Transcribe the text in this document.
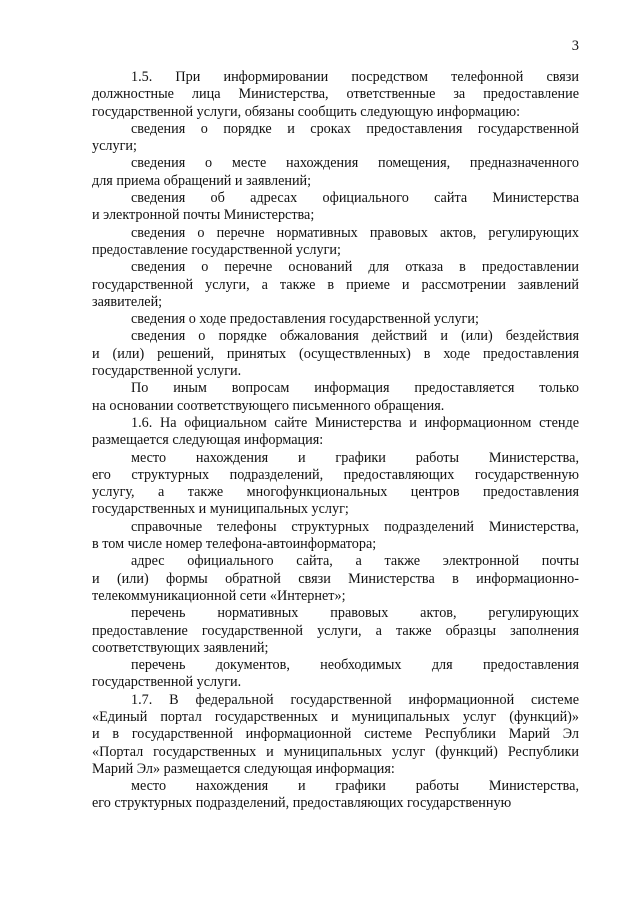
3
1.5. При информировании посредством телефонной связи
должностные лица Министерства, ответственные за предоставление
государственной услуги, обязаны сообщить следующую информацию:
сведения о порядке и сроках предоставления государственной
услуги;
сведения о месте нахождения помещения, предназначенного
для приема обращений и заявлений;
сведения об адресах официального сайта Министерства
и электронной почты Министерства;
сведения о перечне нормативных правовых актов, регулирующих
предоставление государственной услуги;
сведения о перечне оснований для отказа в предоставлении
государственной услуги, а также в приеме и рассмотрении заявлений
заявителей;
сведения о ходе предоставления государственной услуги;
сведения о порядке обжалования действий и (или) бездействия
и (или) решений, принятых (осуществленных) в ходе предоставления
государственной услуги.
По иным вопросам информация предоставляется только
на основании соответствующего письменного обращения.
1.6. На официальном сайте Министерства и информационном стенде
размещается следующая информация:
место нахождения и графики работы Министерства,
его структурных подразделений, предоставляющих государственную
услугу, а также многофункциональных центров предоставления
государственных и муниципальных услуг;
справочные телефоны структурных подразделений Министерства,
в том числе номер телефона-автоинформатора;
адрес официального сайта, а также электронной почты
и (или) формы обратной связи Министерства в информационно-
телекоммуникационной сети «Интернет»;
перечень нормативных правовых актов, регулирующих
предоставление государственной услуги, а также образцы заполнения
соответствующих заявлений;
перечень документов, необходимых для предоставления
государственной услуги.
1.7. В федеральной государственной информационной системе
«Единый портал государственных и муниципальных услуг (функций)»
и в государственной информационной системе Республики Марий Эл
«Портал государственных и муниципальных услуг (функций) Республики
Марий Эл» размещается следующая информация:
место нахождения и графики работы Министерства,
его структурных подразделений, предоставляющих государственную
